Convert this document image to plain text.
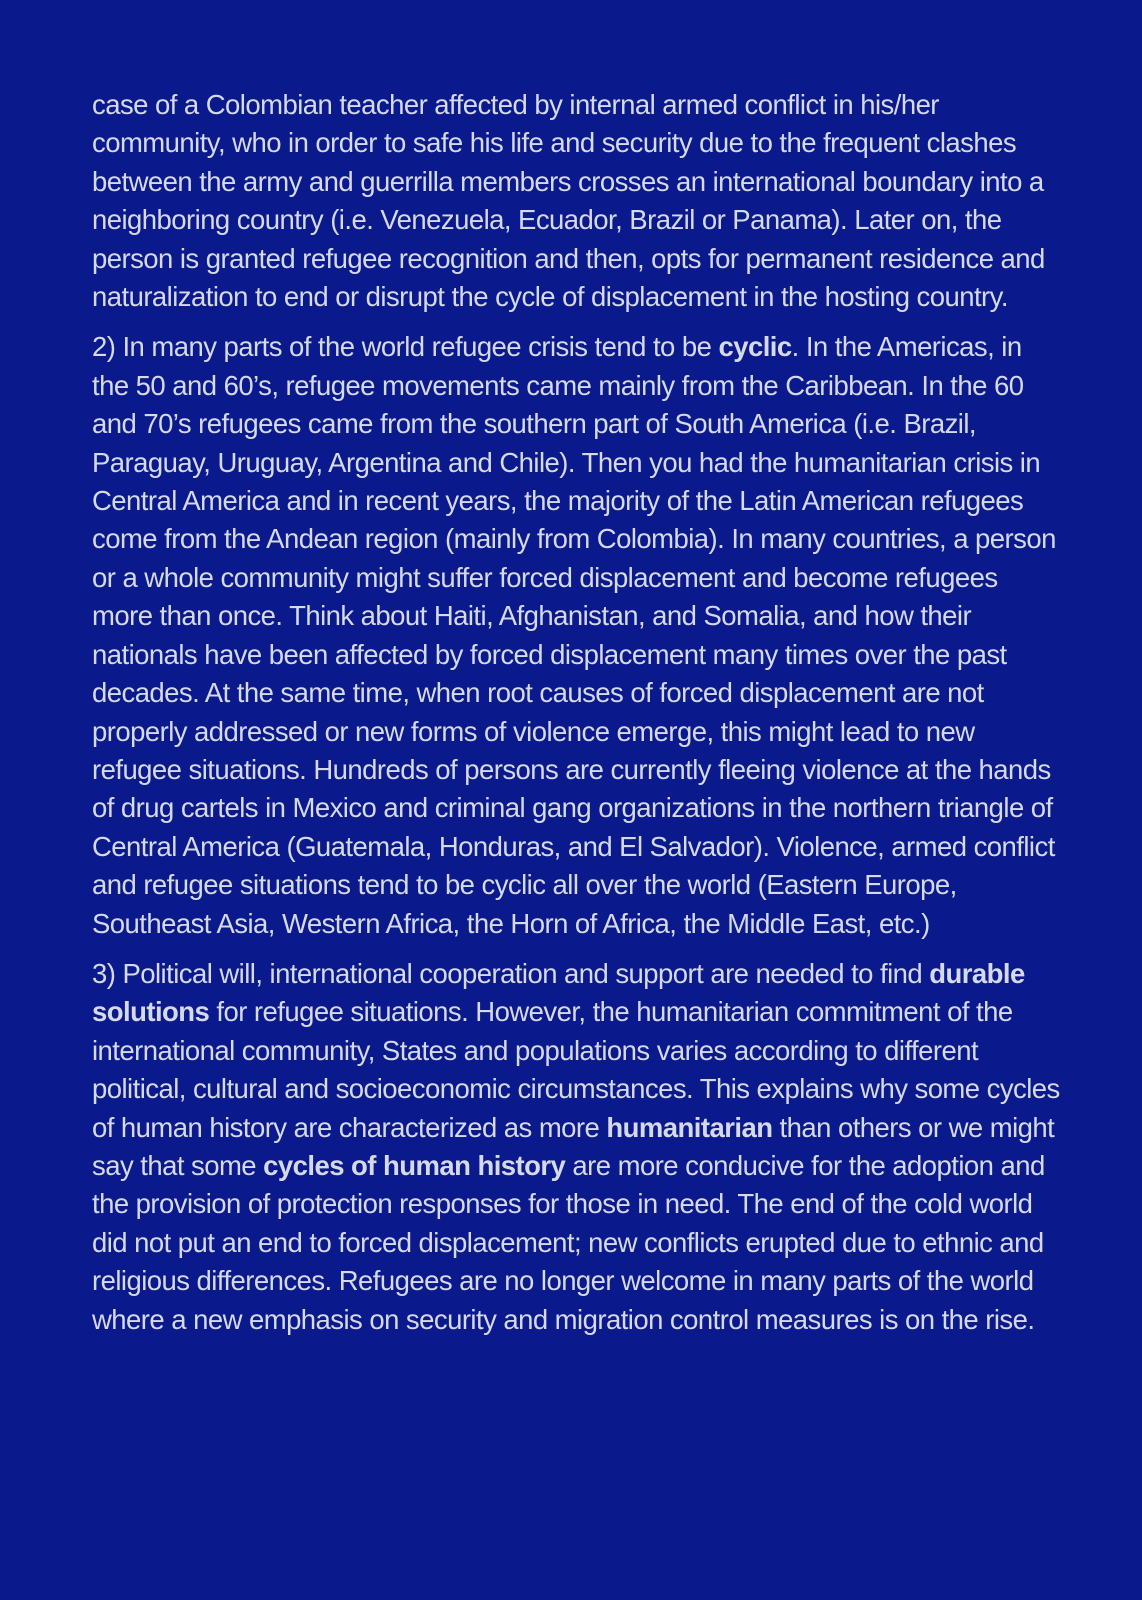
case of a Colombian teacher affected by internal armed conflict in his/her community, who in order to safe his life and security due to the frequent clashes between the army and guerrilla members crosses an international boundary into a neighboring country (i.e. Venezuela, Ecuador, Brazil or Panama). Later on, the person is granted refugee recognition and then, opts for permanent residence and naturalization to end or disrupt the cycle of displacement in the hosting country.

2) In many parts of the world refugee crisis tend to be cyclic. In the Americas, in the 50 and 60’s, refugee movements came mainly from the Caribbean. In the 60 and 70’s refugees came from the southern part of South America (i.e. Brazil, Paraguay, Uruguay, Argentina and Chile). Then you had the humanitarian crisis in Central America and in recent years, the majority of the Latin American refugees come from the Andean region (mainly from Colombia). In many countries, a person or a whole community might suffer forced displacement and become refugees more than once. Think about Haiti, Afghanistan, and Somalia, and how their nationals have been affected by forced displacement many times over the past decades. At the same time, when root causes of forced displacement are not properly addressed or new forms of violence emerge, this might lead to new refugee situations. Hundreds of persons are currently fleeing violence at the hands of drug cartels in Mexico and criminal gang organizations in the northern triangle of Central America (Guatemala, Honduras, and El Salvador). Violence, armed conflict and refugee situations tend to be cyclic all over the world (Eastern Europe, Southeast Asia, Western Africa, the Horn of Africa, the Middle East, etc.)

3) Political will, international cooperation and support are needed to find durable solutions for refugee situations. However, the humanitarian commitment of the international community, States and populations varies according to different political, cultural and socioeconomic circumstances. This explains why some cycles of human history are characterized as more humanitarian than others or we might say that some cycles of human history are more conducive for the adoption and the provision of protection responses for those in need. The end of the cold world did not put an end to forced displacement; new conflicts erupted due to ethnic and religious differences. Refugees are no longer welcome in many parts of the world where a new emphasis on security and migration control measures is on the rise.
